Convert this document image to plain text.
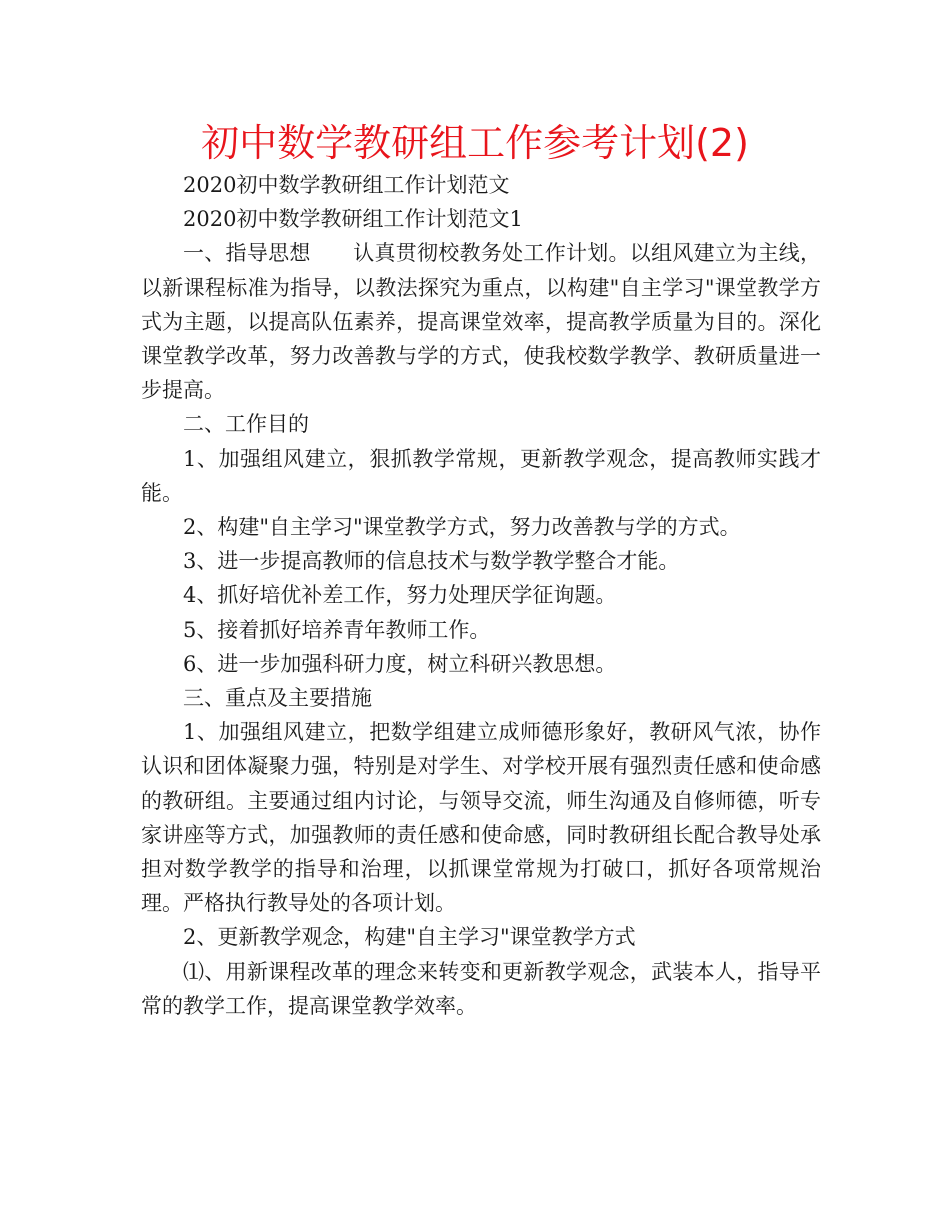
初中数学教研组工作参考计划(2)

2020初中数学教研组工作计划范文

2020初中数学教研组工作计划范文1

一、指导思想　　认真贯彻校教务处工作计划。以组风建立为主线，以新课程标准为指导，以教法探究为重点，以构建"自主学习"课堂教学方式为主题，以提高队伍素养，提高课堂效率，提高教学质量为目的。深化课堂教学改革，努力改善教与学的方式，使我校数学教学、教研质量进一步提高。

二、工作目的

1、加强组风建立，狠抓教学常规，更新教学观念，提高教师实践才能。

2、构建"自主学习"课堂教学方式，努力改善教与学的方式。

3、进一步提高教师的信息技术与数学教学整合才能。

4、抓好培优补差工作，努力处理厌学征询题。

5、接着抓好培养青年教师工作。

6、进一步加强科研力度，树立科研兴教思想。

三、重点及主要措施

1、加强组风建立，把数学组建立成师德形象好，教研风气浓，协作认识和团体凝聚力强，特别是对学生、对学校开展有强烈责任感和使命感的教研组。主要通过组内讨论，与领导交流，师生沟通及自修师德，听专家讲座等方式，加强教师的责任感和使命感，同时教研组长配合教导处承担对数学教学的指导和治理，以抓课堂常规为打破口，抓好各项常规治理。严格执行教导处的各项计划。

2、更新教学观念，构建"自主学习"课堂教学方式

⑴、用新课程改革的理念来转变和更新教学观念，武装本人，指导平常的教学工作，提高课堂教学效率。
